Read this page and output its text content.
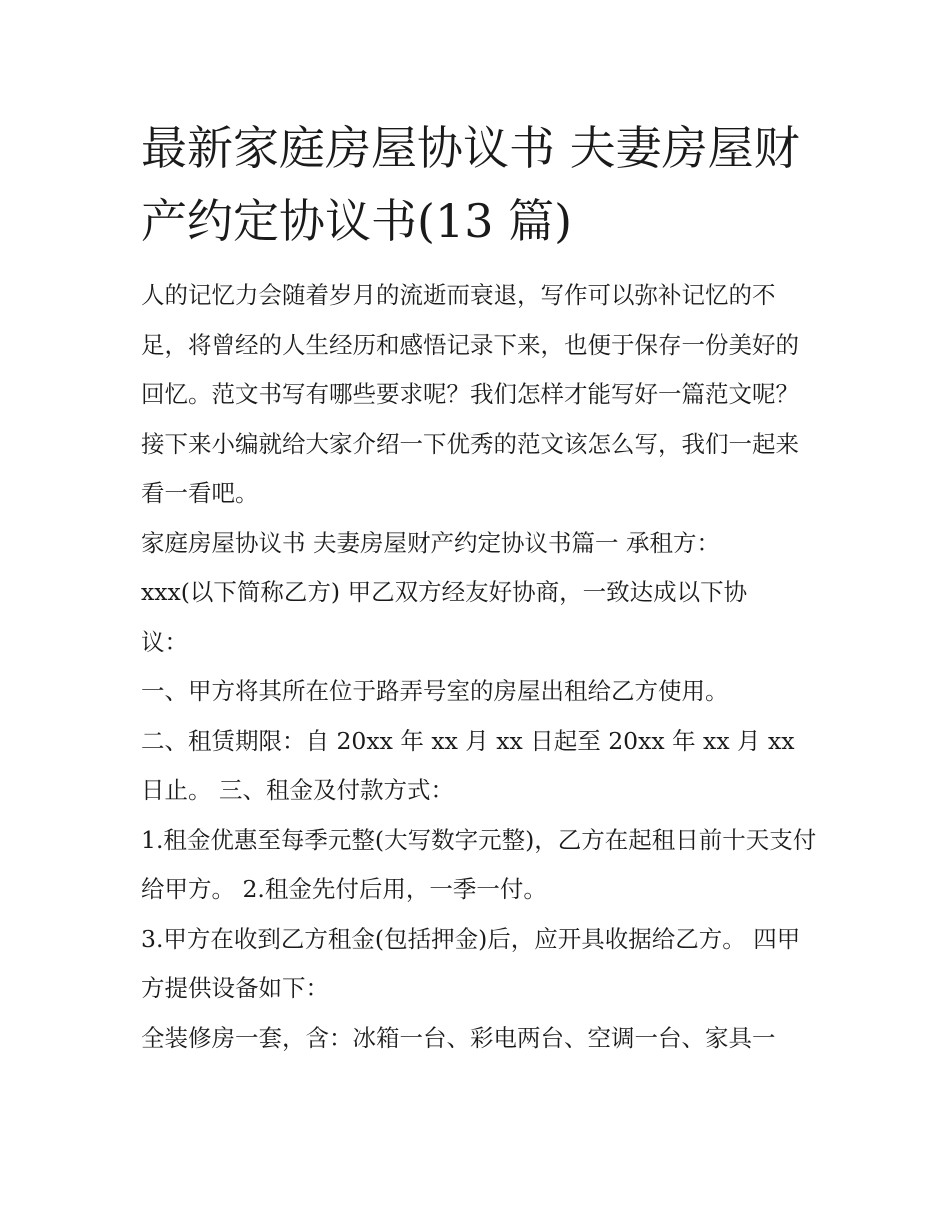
最新家庭房屋协议书 夫妻房屋财产约定协议书(13 篇)

人的记忆力会随着岁月的流逝而衰退，写作可以弥补记忆的不足，将曾经的人生经历和感悟记录下来，也便于保存一份美好的回忆。范文书写有哪些要求呢？我们怎样才能写好一篇范文呢？接下来小编就给大家介绍一下优秀的范文该怎么写，我们一起来看一看吧。

家庭房屋协议书 夫妻房屋财产约定协议书篇一 承租方：

xxx(以下简称乙方) 甲乙双方经友好协商，一致达成以下协

议：

一、甲方将其所在位于路弄号室的房屋出租给乙方使用。

二、租赁期限：自 20xx 年 xx 月 xx 日起至 20xx 年 xx 月 xx 日止。 三、租金及付款方式：

1.租金优惠至每季元整(大写数字元整)，乙方在起租日前十天支付给甲方。 2.租金先付后用，一季一付。

3.甲方在收到乙方租金(包括押金)后，应开具收据给乙方。 四甲方提供设备如下：

全装修房一套，含：冰箱一台、彩电两台、空调一台、家具一
